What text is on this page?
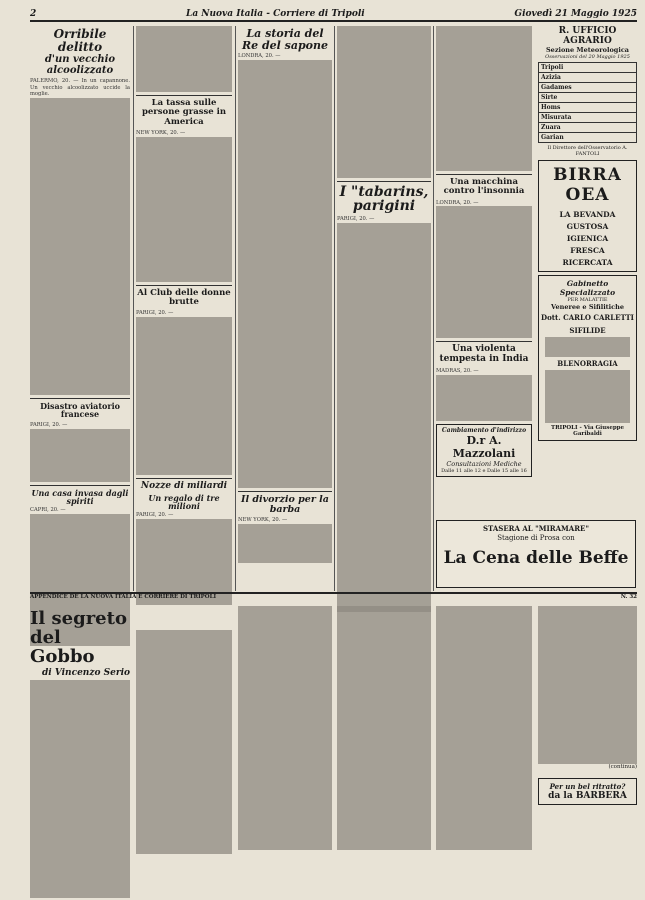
2	La Nuova Italia - Corriere di Tripoli	Giovedì 21 Maggio 1925
Orribile delitto
d'un vecchio alcoolizzato

PALERMO, 20. — In un capannone. Un vecchio alcoolizzato uccide la moglie.

Disastro aviatorio francese

PARIGI, 20. —

Una casa invasa dagli spiriti

CAPRI, 20. —

La tassa sulle persone grasse in America

NEW YORK, 20. —

Al Club delle donne brutte

PARIGI, 20. —

Nozze di miliardi
Un regalo di tre milioni

PARIGI, 20. —

La storia del Re del sapone

LONDRA, 20. —

Il divorzio per la barba

NEW YORK, 20. —

I "tabarins, parigini

PARIGI, 20. —

Una macchina contro l'insonnia

LONDRA, 20. —

Una violenta tempesta in India

MADRAS, 20. —

Cambiamento d'indirizzo
D.r A. Mazzolani
Consultazioni Mediche
Dalle 11 alle 12 e Dalle 15 alle 16
R. UFFICIO AGRARIO
Sezione Meteorologica
Osservazioni del 20 Maggio 1925
Tripoli
Azizia
Gadames
Sirte
Homs
Misurata
Zuara
Garian
Il Direttore dell'Osservatorio A. FANTOLI
BIRRA OEA
LA BEVANDA
GUSTOSA
IGIENICA
FRESCA
RICERCATA
Gabinetto Specializzato
PER MALATTIE
Veneree e Sifilitiche
Dott. CARLO CARLETTI
SIFILIDE
BLENORRAGIA
TRIPOLI - Via Giuseppe Garibaldi
STASERA AL "MIRAMARE"
Stagione di Prosa con
La Cena delle Beffe
APPENDICE DE LA NUOVA ITALIA E CORRIERE DI TRIPOLI	N. 32
Il segreto del Gobbo
di Vincenzo Serio
(continua)
Per un bel ritratto?
da la BARBERA
